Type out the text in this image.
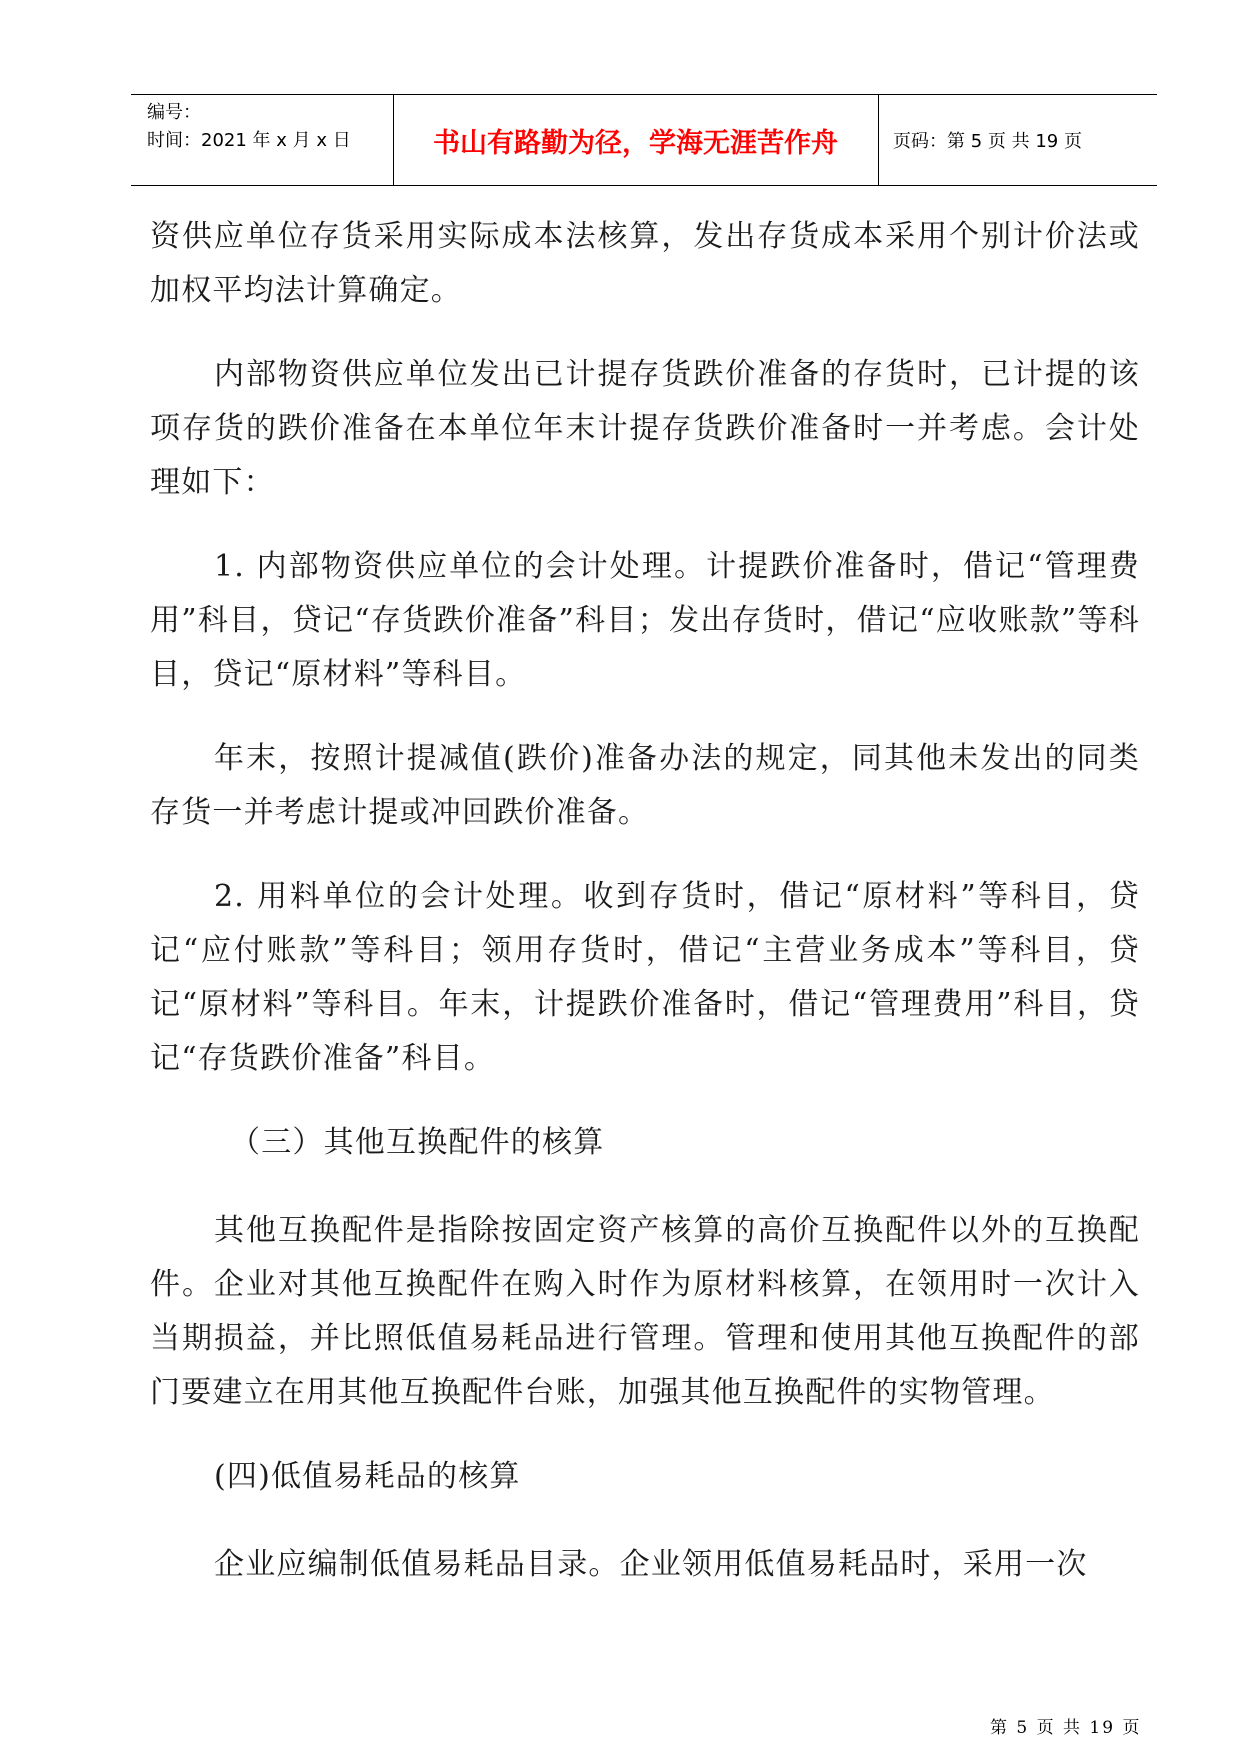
编号：
时间：2021 年 x 月 x 日	书山有路勤为径，学海无涯苦作舟	页码：第 5 页 共 19 页

资供应单位存货采用实际成本法核算，发出存货成本采用个别计价法或加权平均法计算确定。

内部物资供应单位发出已计提存货跌价准备的存货时，已计提的该项存货的跌价准备在本单位年末计提存货跌价准备时一并考虑。会计处理如下：

1. 内部物资供应单位的会计处理。计提跌价准备时，借记“管理费用”科目，贷记“存货跌价准备”科目；发出存货时，借记“应收账款”等科目，贷记“原材料”等科目。

年末，按照计提减值(跌价)准备办法的规定，同其他未发出的同类存货一并考虑计提或冲回跌价准备。

2. 用料单位的会计处理。收到存货时，借记“原材料”等科目，贷记“应付账款”等科目；领用存货时，借记“主营业务成本”等科目，贷记“原材料”等科目。年末，计提跌价准备时，借记“管理费用”科目，贷记“存货跌价准备”科目。

（三）其他互换配件的核算

其他互换配件是指除按固定资产核算的高价互换配件以外的互换配件。企业对其他互换配件在购入时作为原材料核算，在领用时一次计入当期损益，并比照低值易耗品进行管理。管理和使用其他互换配件的部门要建立在用其他互换配件台账，加强其他互换配件的实物管理。

(四)低值易耗品的核算

企业应编制低值易耗品目录。企业领用低值易耗品时，采用一次

第 5 页 共 19 页
